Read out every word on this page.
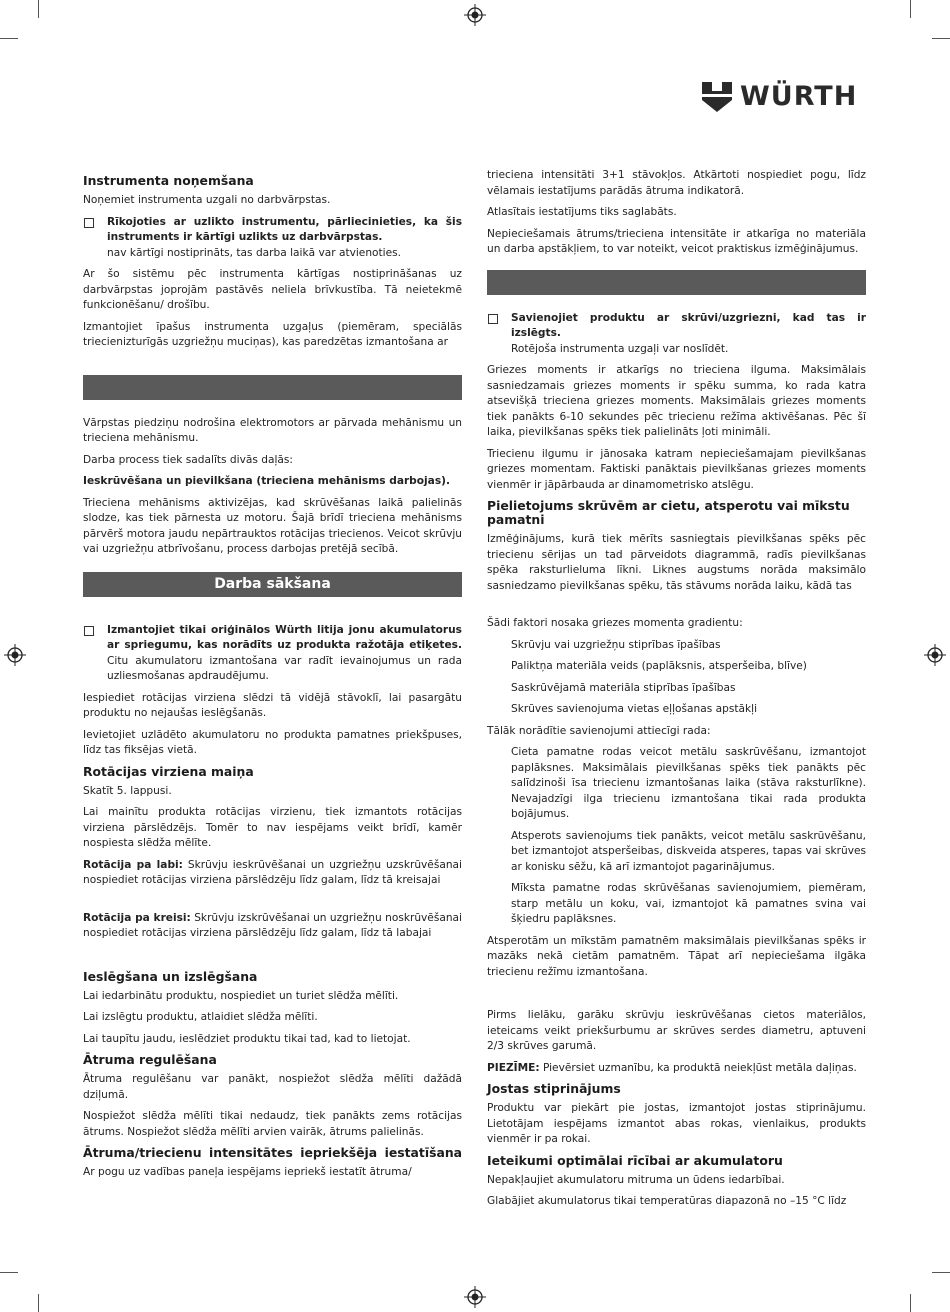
WÜRTH
Instrumenta noņemšana

Noņemiet instrumenta uzgali no darbvārpstas.

Rīkojoties ar uzlikto instrumentu, pārliecinieties, ka šis instruments ir kārtīgi uzlikts uz darbvārpstas.
nav kārtīgi nostiprināts, tas darba laikā var atvienoties.

Ar šo sistēmu pēc instrumenta kārtīgas nostiprināšanas uz darbvārpstas joprojām pastāvēs neliela brīvkustība. Tā neietekmē funkcionēšanu/ drošību.

Izmantojiet īpašus instrumenta uzgaļus (piemēram, speciālās triecienizturīgās uzgriežņu muciņas), kas paredzētas izmantošana ar

Vārpstas piedziņu nodrošina elektromotors ar pārvada mehānismu un trieciena mehānismu.

Darba process tiek sadalīts divās daļās:

Ieskrūvēšana un pievilkšana (trieciena mehānisms darbojas).

Trieciena mehānisms aktivizējas, kad skrūvēšanas laikā palielinās slodze, kas tiek pārnesta uz motoru. Šajā brīdī trieciena mehānisms pārvērš motora jaudu nepārtrauktos rotācijas triecienos. Veicot skrūvju vai uzgriežņu atbrīvošanu, process darbojas pretējā secībā.

Darba sākšana
Izmantojiet tikai oriģinālos Würth litija jonu akumulatorus ar spriegumu, kas norādīts uz produkta ražotāja etiķetes. Citu akumulatoru izmantošana var radīt ievainojumus un rada uzliesmošanas apdraudējumu.

Iespiediet rotācijas virziena slēdzi tā vidējā stāvoklī, lai pasargātu produktu no nejaušas ieslēgšanās.

Ievietojiet uzlādēto akumulatoru no produkta pamatnes priekšpuses, līdz tas fiksējas vietā.

Rotācijas virziena maiņa

Skatīt 5. lappusi.

Lai mainītu produkta rotācijas virzienu, tiek izmantots rotācijas virziena pārslēdzējs. Tomēr to nav iespējams veikt brīdī, kamēr nospiesta slēdža mēlīte.

Rotācija pa labi: Skrūvju ieskrūvēšanai un uzgriežņu uzskrūvēšanai nospiediet rotācijas virziena pārslēdzēju līdz galam, līdz tā kreisajai

Rotācija pa kreisi: Skrūvju izskrūvēšanai un uzgriežņu noskrūvēšanai nospiediet rotācijas virziena pārslēdzēju līdz galam, līdz tā labajai

Ieslēgšana un izslēgšana

Lai iedarbinātu produktu, nospiediet un turiet slēdža mēlīti.

Lai izslēgtu produktu, atlaidiet slēdža mēlīti.

Lai taupītu jaudu, ieslēdziet produktu tikai tad, kad to lietojat.

Ātruma regulēšana

Ātruma regulēšanu var panākt, nospiežot slēdža mēlīti dažādā dziļumā.

Nospiežot slēdža mēlīti tikai nedaudz, tiek panākts zems rotācijas ātrums. Nospiežot slēdža mēlīti arvien vairāk, ātrums palielinās.

Ātruma/triecienu intensitātes iepriekšēja iestatīšana

Ar pogu uz vadības paneļa iespējams iepriekš iestatīt ātruma/

trieciena intensitāti 3+1 stāvokļos. Atkārtoti nospiediet pogu, līdz vēlamais iestatījums parādās ātruma indikatorā.

Atlasītais iestatījums tiks saglabāts.

Nepieciešamais ātrums/trieciena intensitāte ir atkarīga no materiāla un darba apstākļiem, to var noteikt, veicot praktiskus izmēģinājumus.

Savienojiet produktu ar skrūvi/uzgriezni, kad tas ir izslēgts.
Rotējoša instrumenta uzgaļi var noslīdēt.

Griezes moments ir atkarīgs no trieciena ilguma. Maksimālais sasniedzamais griezes moments ir spēku summa, ko rada katra atsevišķā trieciena griezes moments. Maksimālais griezes moments tiek panākts 6-10 sekundes pēc triecienu režīma aktivēšanas. Pēc šī laika, pievilkšanas spēks tiek palielināts ļoti minimāli.

Triecienu ilgumu ir jānosaka katram nepieciešamajam pievilkšanas griezes momentam. Faktiski panāktais pievilkšanas griezes moments vienmēr ir jāpārbauda ar dinamometrisko atslēgu.

Pielietojums skrūvēm ar cietu, atsperotu vai mīkstu pamatni

Izmēģinājums, kurā tiek mērīts sasniegtais pievilkšanas spēks pēc triecienu sērijas un tad pārveidots diagrammā, radīs pievilkšanas spēka raksturlieluma līkni. Liknes augstums norāda maksimālo sasniedzamo pievilkšanas spēku, tās stāvums norāda laiku, kādā tas

Šādi faktori nosaka griezes momenta gradientu:

Skrūvju vai uzgriežņu stiprības īpašības

Paliktņa materiāla veids (paplāksnis, atsperšeiba, blīve)

Saskrūvējamā materiāla stiprības īpašības

Skrūves savienojuma vietas eļļošanas apstākļi

Tālāk norādītie savienojumi attiecīgi rada:

Cieta pamatne rodas veicot metālu saskrūvēšanu, izmantojot paplāksnes. Maksimālais pievilkšanas spēks tiek panākts pēc salīdzinoši īsa triecienu izmantošanas laika (stāva raksturlīkne). Nevajadzīgi ilga triecienu izmantošana tikai rada produkta bojājumus.

Atsperots savienojums tiek panākts, veicot metālu saskrūvēšanu, bet izmantojot atsperšeibas, diskveida atsperes, tapas vai skrūves ar konisku sēžu, kā arī izmantojot pagarinājumus.

Mīksta pamatne rodas skrūvēšanas savienojumiem, piemēram, starp metālu un koku, vai, izmantojot kā pamatnes svina vai šķiedru paplāksnes.

Atsperotām un mīkstām pamatnēm maksimālais pievilkšanas spēks ir mazāks nekā cietām pamatnēm. Tāpat arī nepieciešama ilgāka triecienu režīmu izmantošana.

Pirms lielāku, garāku skrūvju ieskrūvēšanas cietos materiālos, ieteicams veikt priekšurbumu ar skrūves serdes diametru, aptuveni 2/3 skrūves garumā.

PIEZĪME: Pievērsiet uzmanību, ka produktā neiekļūst metāla daļiņas.

Jostas stiprinājums

Produktu var piekārt pie jostas, izmantojot jostas stiprinājumu. Lietotājam iespējams izmantot abas rokas, vienlaikus, produkts vienmēr ir pa rokai.

Ieteikumi optimālai rīcībai ar akumulatoru

Nepakļaujiet akumulatoru mitruma un ūdens iedarbībai.

Glabājiet akumulatorus tikai temperatūras diapazonā no –15 °C līdz
